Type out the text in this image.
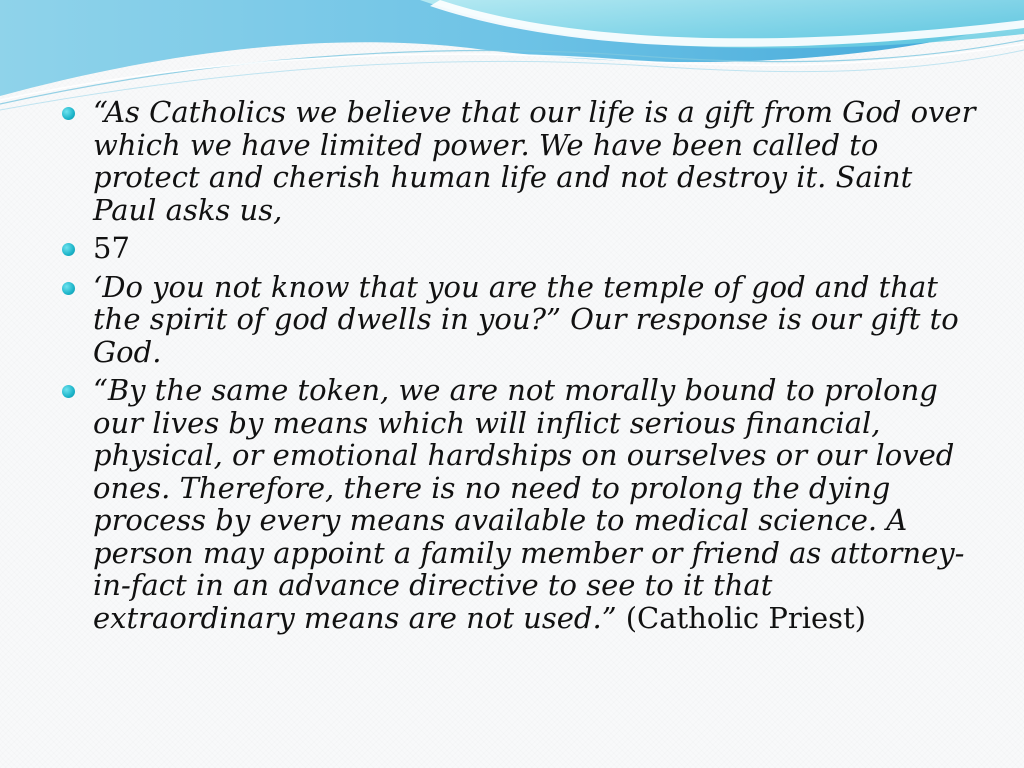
“As Catholics we believe that our life is a gift from God over which we have limited power. We have been called to protect and cherish human life and not destroy it. Saint Paul asks us,
57
‘Do you not know that you are the temple of god and that the spirit of god dwells in you?” Our response is our gift to God.
“By the same token, we are not morally bound to prolong our lives by means which will inflict serious financial, physical, or emotional hardships on ourselves or our loved ones. Therefore, there is no need to prolong the dying process by every means available to medical science. A person may appoint a family member or friend as attorney-in-fact in an advance directive to see to it that extraordinary means are not used.” (Catholic Priest)
